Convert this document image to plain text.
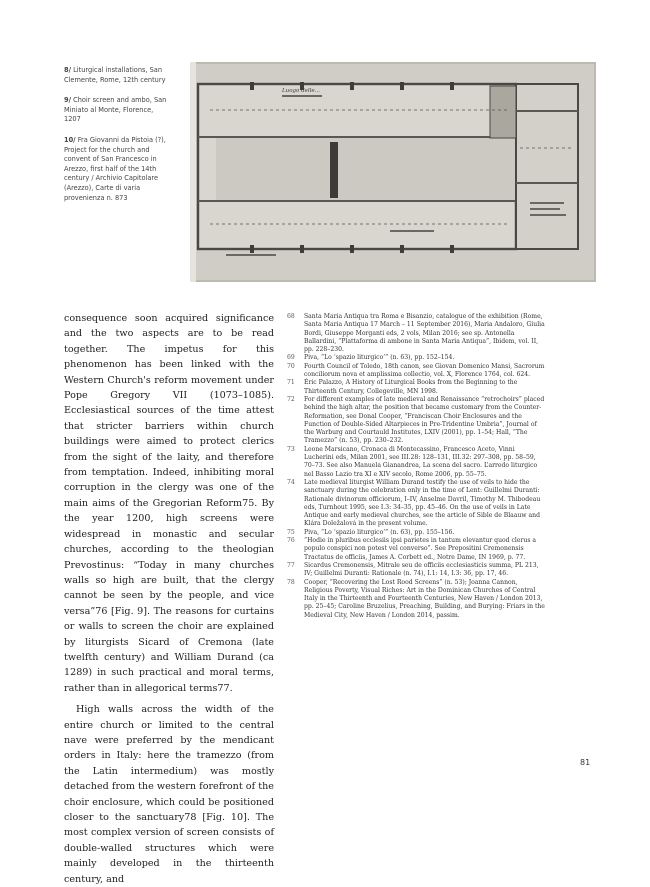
8/ Liturgical installations, San Clemente, Rome, 12th century
9/ Choir screen and ambo, San Miniato al Monte, Florence, 1207
10/ Fra Giovanni da Pistoia (?), Project for the church and convent of San Francesco in Arezzo, first half of the 14th century / Archivio Capitolare (Arezzo), Carte di varia provenienza n. 873
Luogo delle...

consequence soon acquired significance and the two aspects are to be read together. The impetus for this phenomenon has been linked with the Western Church's reform movement under Pope Gregory VII (1073–1085). Ecclesiastical sources of the time attest that stricter barriers within church buildings were aimed to protect clerics from the sight of the laity, and therefore from temptation. Indeed, inhibiting moral corruption in the clergy was one of the main aims of the Gregorian Reform75. By the year 1200, high screens were widespread in monastic and secular churches, according to the theologian Prevostinus: “Today in many churches walls so high are built, that the clergy cannot be seen by the people, and vice versa”76 [Fig. 9]. The reasons for curtains or walls to screen the choir are explained by liturgists Sicard of Cremona (late twelfth century) and William Durand (ca 1289) in such practical and moral terms, rather than in allegorical terms77.

High walls across the width of the entire church or limited to the central nave were preferred by the mendicant orders in Italy: here the tramezzo (from the Latin intermedium) was mostly detached from the western forefront of the choir enclosure, which could be positioned closer to the sanctuary78 [Fig. 10]. The most complex version of screen consists of double-walled structures which were mainly developed in the thirteenth century, and

68	Santa Maria Antiqua tra Roma e Bisanzio, catalogue of the exhibition (Rome, Santa Maria Antiqua 17 March – 11 September 2016), Maria Andaloro, Giulia Bordi, Giuseppe Morganti eds, 2 vols, Milan 2016; see sp. Antonella Ballardini, “Plattaforma di ambone in Santa Maria Antiqua”, Ibidem, vol. II, pp. 228–230.
69	Piva, “Lo ‘spazio liturgico’” (n. 63), pp. 152–154.
70	Fourth Council of Toledo, 18th canon, see Giovan Domenico Mansi, Sacrorum conciliorum nova et amplissima collectio, vol. X, Florence 1764, col. 624.
71	Éric Palazzo, A History of Liturgical Books from the Beginning to the Thirteenth Century, Collegeville, MN 1998.
72	For different examples of late medieval and Renaissance “retrochoirs” placed behind the high altar, the position that became customary from the Counter-Reformation, see Donal Cooper, “Franciscan Choir Enclosures and the Function of Double-Sided Altarpieces in Pre-Tridentine Umbria”, Journal of the Warburg and Courtauld Institutes, LXIV (2001), pp. 1–54; Hall, “The Tramezzo” (n. 53), pp. 230–232.
73	Leone Marsicano, Cronaca di Montecassino, Francesco Aceto, Vinni Lucherini eds, Milan 2001, see III.28: 128–131, III.32: 297–308, pp. 58–59, 70–73. See also Manuela Gianandrea, La scena del sacro. L’arredo liturgico nel Basso Lazio tra XI e XIV secolo, Rome 2006, pp. 55–75.
74	Late medieval liturgist William Durand testify the use of veils to hide the sanctuary during the celebration only in the time of Lent: Guillelmi Duranti: Rationale divinorum officiorum, I–IV, Anselme Davril, Timothy M. Thibodeau eds, Turnhout 1995, see I.3: 34–35, pp. 45–46. On the use of veils in Late Antique and early medieval churches, see the article of Sible de Blaauw and Klára Doležalová in the present volume.
75	Piva, “Lo ‘spazio liturgico’” (n. 63), pp. 155–156.
76	“Hodie in pluribus ecclesiis ipsi parietes in tantum elevantur quod clerus a populo conspici non potest vel converso”. See Prepositini Cremonensis Tractatus de officiis, James A. Corbett ed., Notre Dame, IN 1969, p. 77.
77	Sicardus Cremonensis, Mitrale seu de officiis ecclesiasticis summa, PL 213, IV; Guillelmi Duranti: Rationale (n. 74), I.1: 14, I.3: 36, pp. 17, 46.
78	Cooper, “Recovering the Lost Rood Screens” (n. 53); Joanna Cannon, Religious Poverty, Visual Riches: Art in the Dominican Churches of Central Italy in the Thirteenth and Fourteenth Centuries, New Haven / London 2013, pp. 25–45; Caroline Bruzelius, Preaching, Building, and Burying: Friars in the Medieval City, New Haven / London 2014, passim.
81
